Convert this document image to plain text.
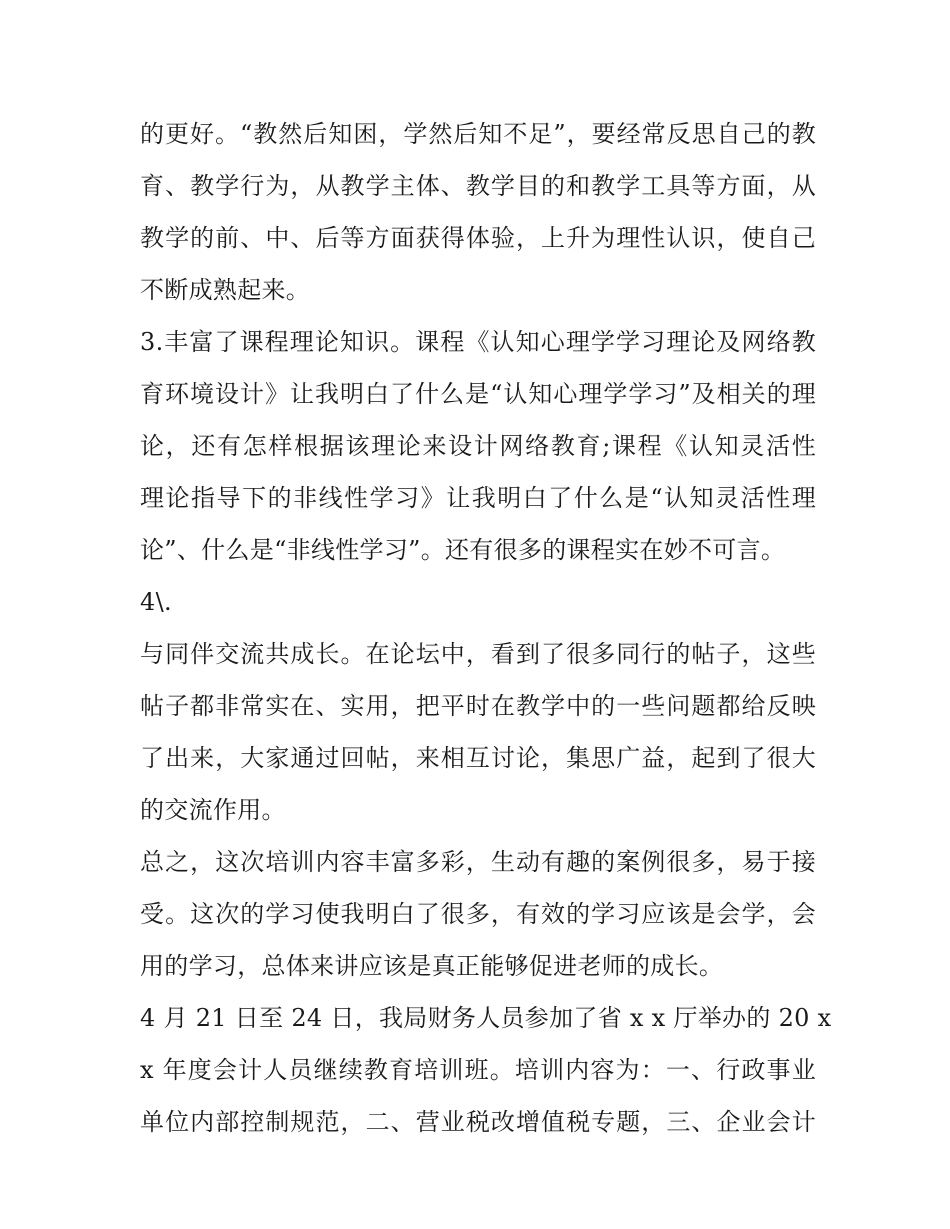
的更好。“教然后知困，学然后知不足”，要经常反思自己的教
育、教学行为，从教学主体、教学目的和教学工具等方面，从
教学的前、中、后等方面获得体验，上升为理性认识，使自己
不断成熟起来。
3.丰富了课程理论知识。课程《认知心理学学习理论及网络教
育环境设计》让我明白了什么是“认知心理学学习”及相关的理
论，还有怎样根据该理论来设计网络教育;课程《认知灵活性
理论指导下的非线性学习》让我明白了什么是“认知灵活性理
论”、什么是“非线性学习”。还有很多的课程实在妙不可言。
4\.
与同伴交流共成长。在论坛中，看到了很多同行的帖子，这些
帖子都非常实在、实用，把平时在教学中的一些问题都给反映
了出来，大家通过回帖，来相互讨论，集思广益，起到了很大
的交流作用。
总之，这次培训内容丰富多彩，生动有趣的案例很多，易于接
受。这次的学习使我明白了很多，有效的学习应该是会学，会
用的学习，总体来讲应该是真正能够促进老师的成长。
4 月 21 日至 24 日，我局财务人员参加了省 x x 厅举办的 20 x
x 年度会计人员继续教育培训班。培训内容为：一、行政事业
单位内部控制规范，二、营业税改增值税专题，三、企业会计
